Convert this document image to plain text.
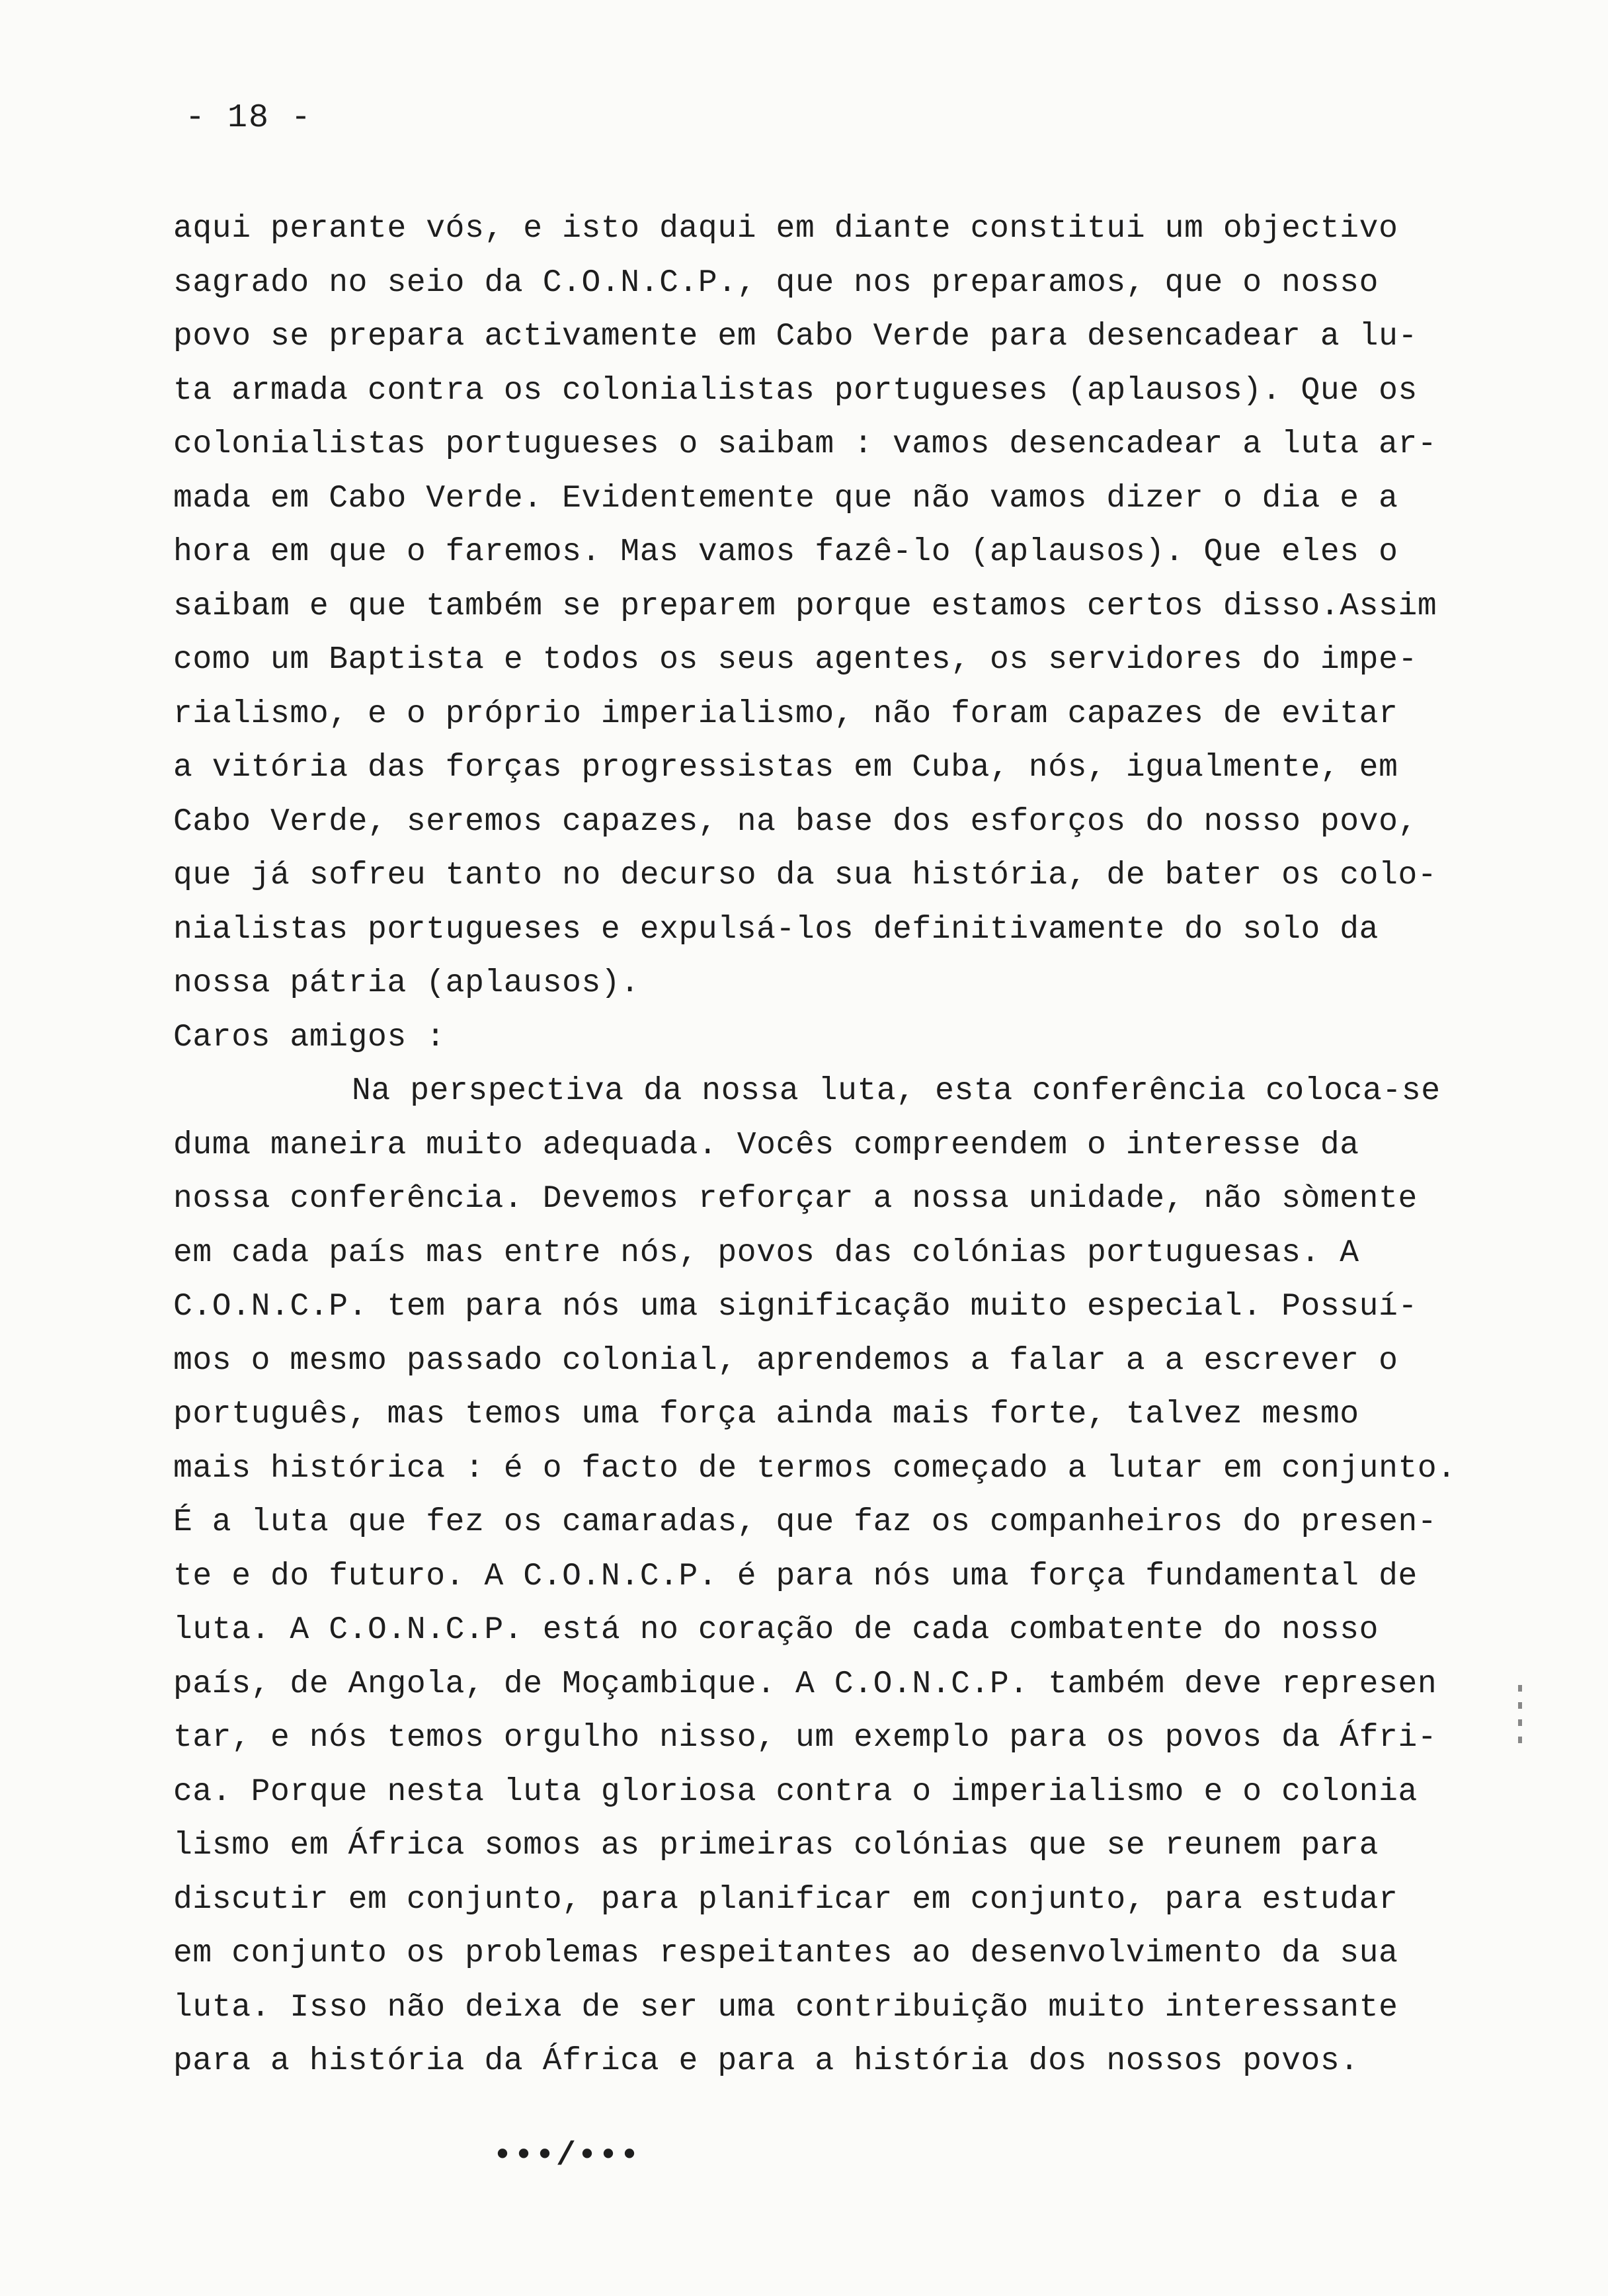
- 18 -
aqui perante vós, e isto daqui em diante constitui um objectivo
sagrado no seio da C.O.N.C.P., que nos preparamos, que o nosso
povo se prepara activamente em Cabo Verde para desencadear a lu-
ta armada contra os colonialistas portugueses (aplausos). Que os
colonialistas portugueses o saibam : vamos desencadear a luta ar-
mada em Cabo Verde. Evidentemente que não vamos dizer o dia e a
hora em que o faremos. Mas vamos fazê-lo (aplausos). Que eles o
saibam e que também se preparem porque estamos certos disso.Assim
como um Baptista e todos os seus agentes, os servidores do impe-
rialismo, e o próprio imperialismo, não foram capazes de evitar
a vitória das forças progressistas em Cuba, nós, igualmente, em
Cabo Verde, seremos capazes, na base dos esforços do nosso povo,
que já sofreu tanto no decurso da sua história, de bater os colo-
nialistas portugueses e expulsá-los definitivamente do solo da
nossa pátria (aplausos).
Caros amigos :
Na perspectiva da nossa luta, esta conferência coloca-se
duma maneira muito adequada. Vocês compreendem o interesse da
nossa conferência. Devemos reforçar a nossa unidade, não sòmente
em cada país mas entre nós, povos das colónias portuguesas. A
C.O.N.C.P. tem para nós uma significação muito especial. Possuí-
mos o mesmo passado colonial, aprendemos a falar a a escrever o
português, mas temos uma força ainda mais forte, talvez mesmo
mais histórica : é o facto de termos começado a lutar em conjunto.
É a luta que fez os camaradas, que faz os companheiros do presen-
te e do futuro. A C.O.N.C.P. é para nós uma força fundamental de
luta. A C.O.N.C.P. está no coração de cada combatente do nosso
país, de Angola, de Moçambique. A C.O.N.C.P. também deve represen
tar, e nós temos orgulho nisso, um exemplo para os povos da Áfri-
ca. Porque nesta luta gloriosa contra o imperialismo e o colonia
lismo em África somos as primeiras colónias que se reunem para
discutir em conjunto, para planificar em conjunto, para estudar
em conjunto os problemas respeitantes ao desenvolvimento da sua
luta. Isso não deixa de ser uma contribuição muito interessante
para a história da África e para a história dos nossos povos.
•••/•••
